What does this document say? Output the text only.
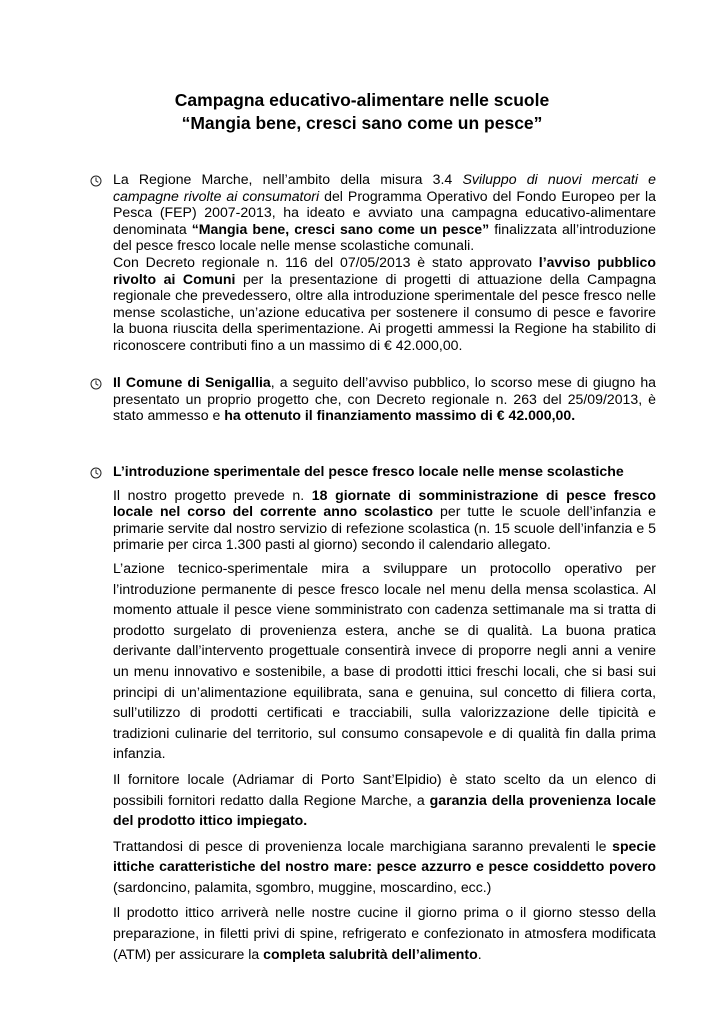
Campagna educativo-alimentare nelle scuole
“Mangia bene, cresci sano come un pesce”

La Regione Marche, nell’ambito della misura 3.4 Sviluppo di nuovi mercati e campagne rivolte ai consumatori del Programma Operativo del Fondo Europeo per la Pesca (FEP) 2007-2013, ha ideato e avviato una campagna educativo-alimentare denominata “Mangia bene, cresci sano come un pesce” finalizzata all’introduzione del pesce fresco locale nelle mense scolastiche comunali.

Con Decreto regionale n. 116 del 07/05/2013 è stato approvato l’avviso pubblico rivolto ai Comuni per la presentazione di progetti di attuazione della Campagna regionale che prevedessero, oltre alla introduzione sperimentale del pesce fresco nelle mense scolastiche, un’azione educativa per sostenere il consumo di pesce e favorire la buona riuscita della sperimentazione. Ai progetti ammessi la Regione ha stabilito di riconoscere contributi fino a un massimo di € 42.000,00.

Il Comune di Senigallia, a seguito dell’avviso pubblico, lo scorso mese di giugno ha presentato un proprio progetto che, con Decreto regionale n. 263 del 25/09/2013, è stato ammesso e ha ottenuto il finanziamento massimo di € 42.000,00.

L’introduzione sperimentale del pesce fresco locale nelle mense scolastiche

Il nostro progetto prevede n. 18 giornate di somministrazione di pesce fresco locale nel corso del corrente anno scolastico per tutte le scuole dell’infanzia e primarie servite dal nostro servizio di refezione scolastica (n. 15 scuole dell’infanzia e 5 primarie per circa 1.300 pasti al giorno) secondo il calendario allegato.

L’azione tecnico-sperimentale mira a sviluppare un protocollo operativo per l’introduzione permanente di pesce fresco locale nel menu della mensa scolastica. Al momento attuale il pesce viene somministrato con cadenza settimanale ma si tratta di prodotto surgelato di provenienza estera, anche se di qualità. La buona pratica derivante dall’intervento progettuale consentirà invece di proporre negli anni a venire un menu innovativo e sostenibile, a base di prodotti ittici freschi locali, che si basi sui principi di un’alimentazione equilibrata, sana e genuina, sul concetto di filiera corta, sull’utilizzo di prodotti certificati e tracciabili, sulla valorizzazione delle tipicità e tradizioni culinarie del territorio, sul consumo consapevole e di qualità fin dalla prima infanzia.

Il fornitore locale (Adriamar di Porto Sant’Elpidio) è stato scelto da un elenco di possibili fornitori redatto dalla Regione Marche, a garanzia della provenienza locale del prodotto ittico impiegato.

Trattandosi di pesce di provenienza locale marchigiana saranno prevalenti le specie ittiche caratteristiche del nostro mare: pesce azzurro e pesce cosiddetto povero (sardoncino, palamita, sgombro, muggine, moscardino, ecc.)

Il prodotto ittico arriverà nelle nostre cucine il giorno prima o il giorno stesso della preparazione, in filetti privi di spine, refrigerato e confezionato in atmosfera modificata (ATM) per assicurare la completa salubrità dell’alimento.
